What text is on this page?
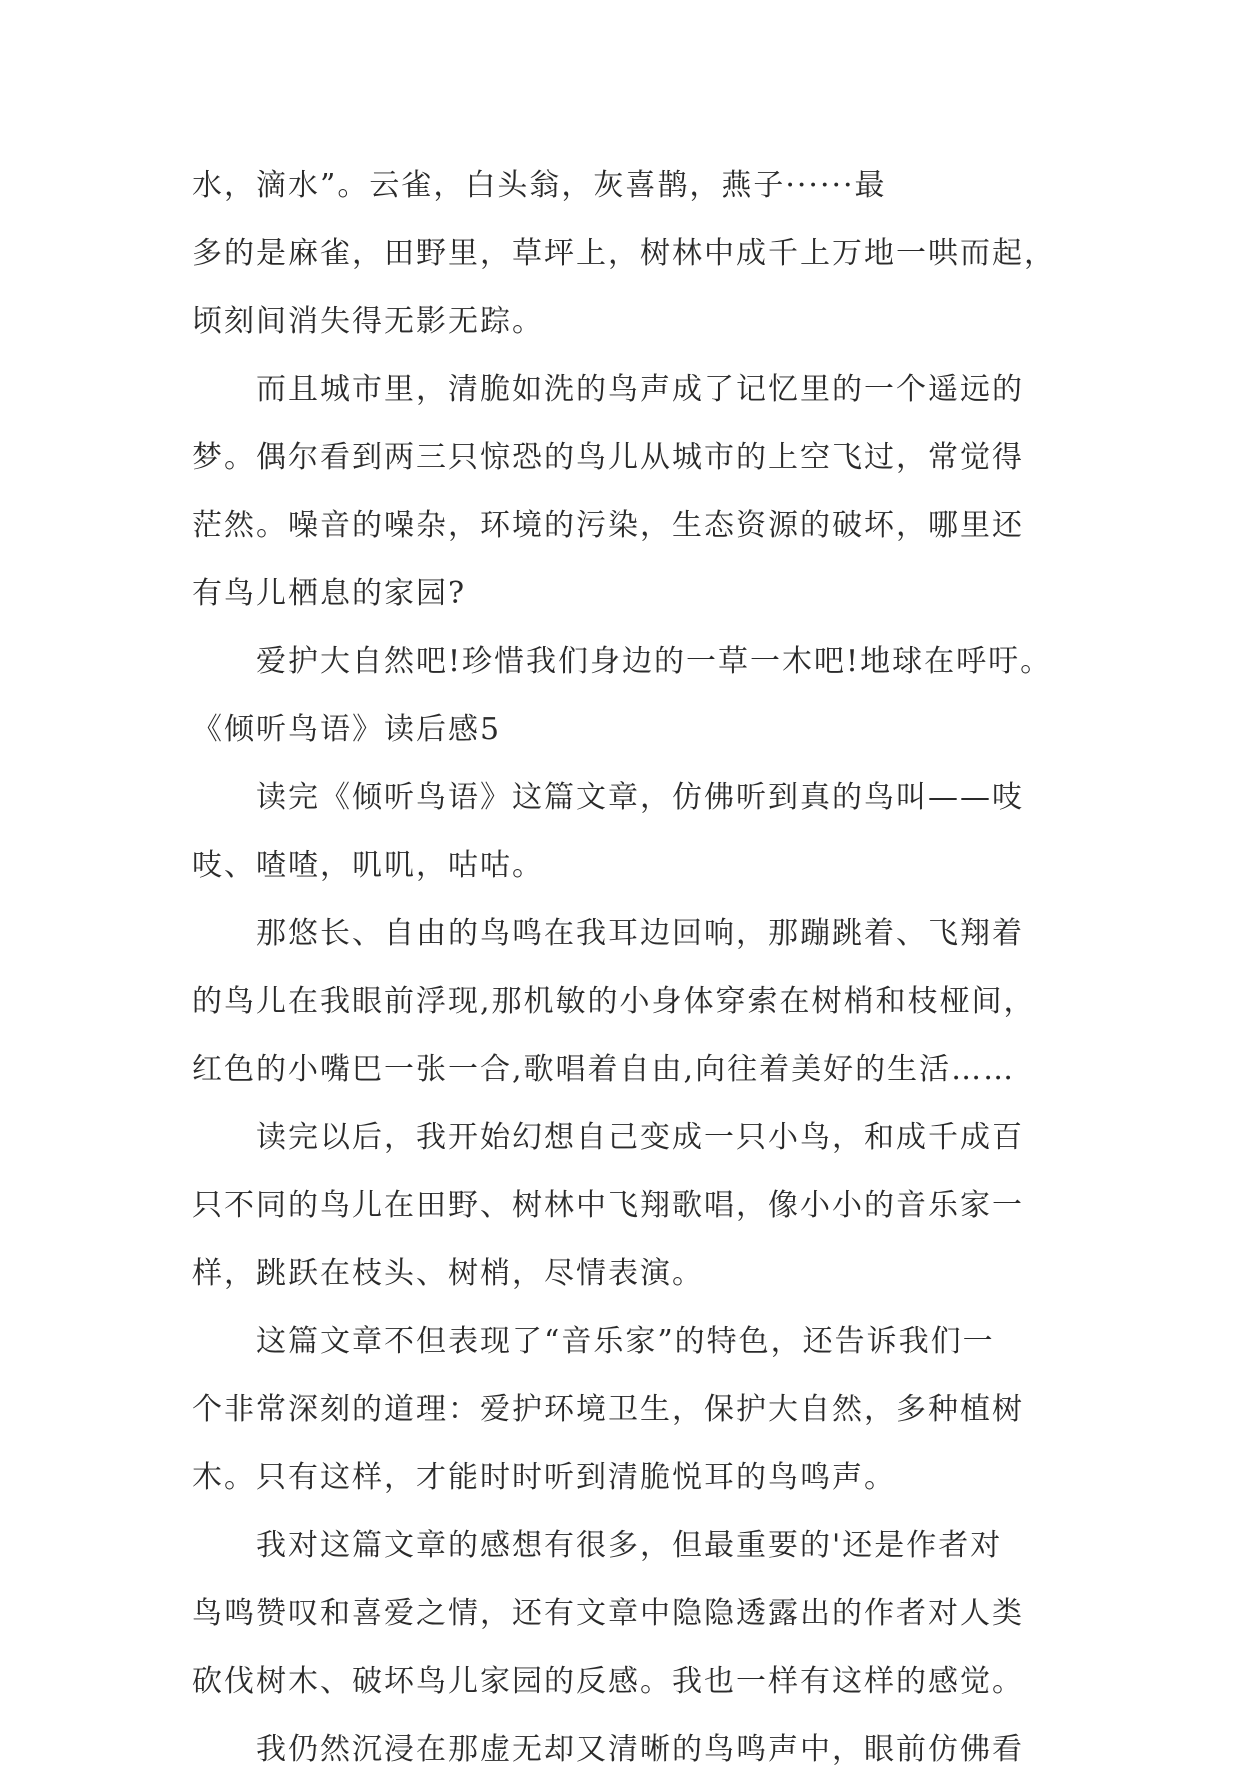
水，滴水”。云雀，白头翁，灰喜鹊，燕子······最
多的是麻雀，田野里，草坪上，树林中成千上万地一哄而起，
顷刻间消失得无影无踪。
而且城市里，清脆如洗的鸟声成了记忆里的一个遥远的
梦。偶尔看到两三只惊恐的鸟儿从城市的上空飞过，常觉得
茫然。噪音的噪杂，环境的污染，生态资源的破坏，哪里还
有鸟儿栖息的家园?
爱护大自然吧!珍惜我们身边的一草一木吧!地球在呼吁。
《倾听鸟语》读后感5
读完《倾听鸟语》这篇文章，仿佛听到真的鸟叫——吱
吱、喳喳，叽叽，咕咕。
那悠长、自由的鸟鸣在我耳边回响，那蹦跳着、飞翔着
的鸟儿在我眼前浮现,那机敏的小身体穿索在树梢和枝桠间，
红色的小嘴巴一张一合,歌唱着自由,向往着美好的生活……
读完以后，我开始幻想自己变成一只小鸟，和成千成百
只不同的鸟儿在田野、树林中飞翔歌唱，像小小的音乐家一
样，跳跃在枝头、树梢，尽情表演。
这篇文章不但表现了“音乐家”的特色，还告诉我们一
个非常深刻的道理：爱护环境卫生，保护大自然，多种植树
木。只有这样，才能时时听到清脆悦耳的鸟鸣声。
我对这篇文章的感想有很多，但最重要的'还是作者对
鸟鸣赞叹和喜爱之情，还有文章中隐隐透露出的作者对人类
砍伐树木、破坏鸟儿家园的反感。我也一样有这样的感觉。
我仍然沉浸在那虚无却又清晰的鸟鸣声中，眼前仿佛看
